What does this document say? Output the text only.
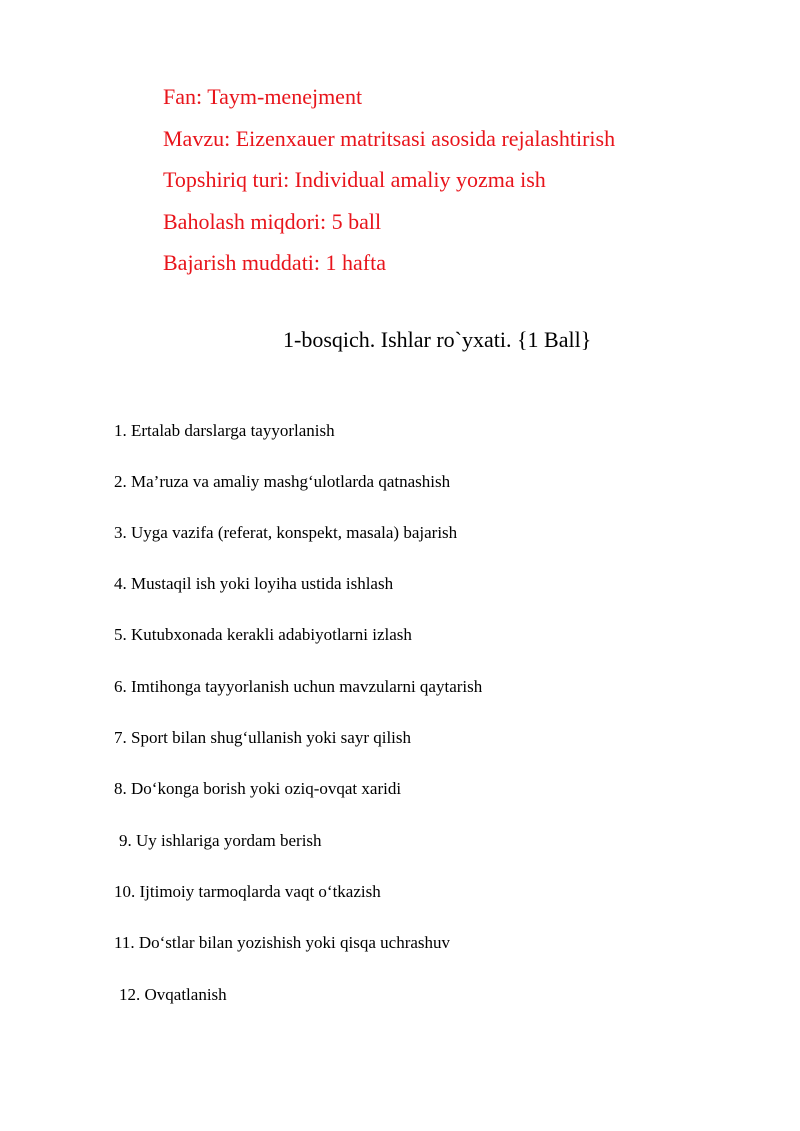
Fan: Taym-menejment
Mavzu: Eizenxauer matritsasi asosida rejalashtirish
Topshiriq turi: Individual amaliy yozma ish
Baholash miqdori: 5 ball
Bajarish muddati: 1 hafta
1-bosqich. Ishlar ro`yxati. {1 Ball}
1. Ertalab darslarga tayyorlanish
2. Ma’ruza va amaliy mashg‘ulotlarda qatnashish
3. Uyga vazifa (referat, konspekt, masala) bajarish
4. Mustaqil ish yoki loyiha ustida ishlash
5. Kutubxonada kerakli adabiyotlarni izlash
6. Imtihonga tayyorlanish uchun mavzularni qaytarish
7. Sport bilan shug‘ullanish yoki sayr qilish
8. Do‘konga borish yoki oziq-ovqat xaridi
9. Uy ishlariga yordam berish
10. Ijtimoiy tarmoqlarda vaqt o‘tkazish
11. Do‘stlar bilan yozishish yoki qisqa uchrashuv
12. Ovqatlanish
